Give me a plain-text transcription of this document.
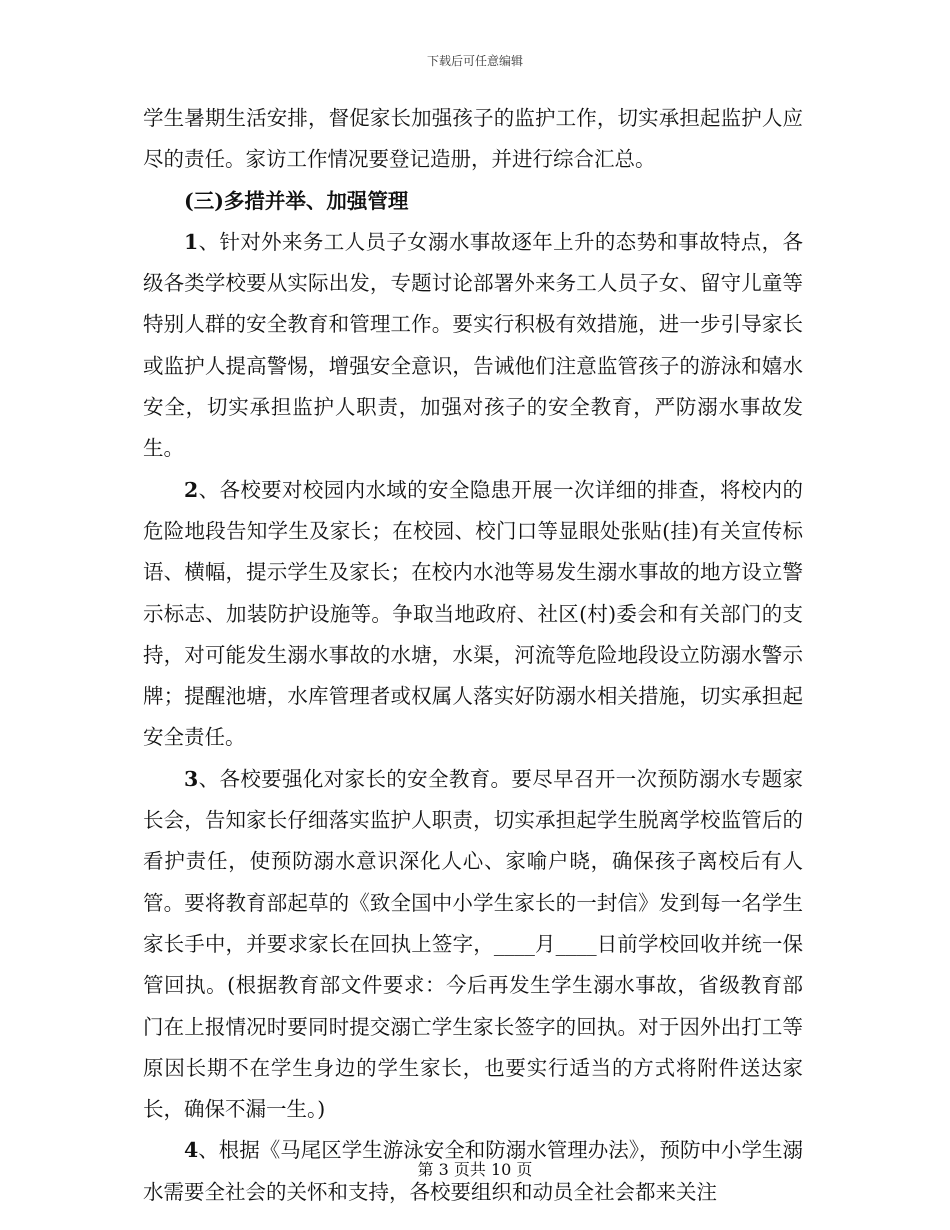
下载后可任意编辑

学生暑期生活安排，督促家长加强孩子的监护工作，切实承担起监护人应尽的责任。家访工作情况要登记造册，并进行综合汇总。

(三)多措并举、加强管理

1、针对外来务工人员子女溺水事故逐年上升的态势和事故特点，各级各类学校要从实际出发，专题讨论部署外来务工人员子女、留守儿童等特别人群的安全教育和管理工作。要实行积极有效措施，进一步引导家长或监护人提高警惕，增强安全意识，告诫他们注意监管孩子的游泳和嬉水安全，切实承担监护人职责，加强对孩子的安全教育，严防溺水事故发生。

2、各校要对校园内水域的安全隐患开展一次详细的排查，将校内的危险地段告知学生及家长；在校园、校门口等显眼处张贴(挂)有关宣传标语、横幅，提示学生及家长；在校内水池等易发生溺水事故的地方设立警示标志、加装防护设施等。争取当地政府、社区(村)委会和有关部门的支持，对可能发生溺水事故的水塘，水渠，河流等危险地段设立防溺水警示牌；提醒池塘，水库管理者或权属人落实好防溺水相关措施，切实承担起安全责任。

3、各校要强化对家长的安全教育。要尽早召开一次预防溺水专题家长会，告知家长仔细落实监护人职责，切实承担起学生脱离学校监管后的看护责任，使预防溺水意识深化人心、家喻户晓，确保孩子离校后有人管。要将教育部起草的《致全国中小学生家长的一封信》发到每一名学生家长手中，并要求家长在回执上签字，____月____日前学校回收并统一保管回执。(根据教育部文件要求：今后再发生学生溺水事故，省级教育部门在上报情况时要同时提交溺亡学生家长签字的回执。对于因外出打工等原因长期不在学生身边的学生家长，也要实行适当的方式将附件送达家长，确保不漏一生。)

4、根据《马尾区学生游泳安全和防溺水管理办法》，预防中小学生溺水需要全社会的关怀和支持，各校要组织和动员全社会都来关注

第 3 页共 10 页
